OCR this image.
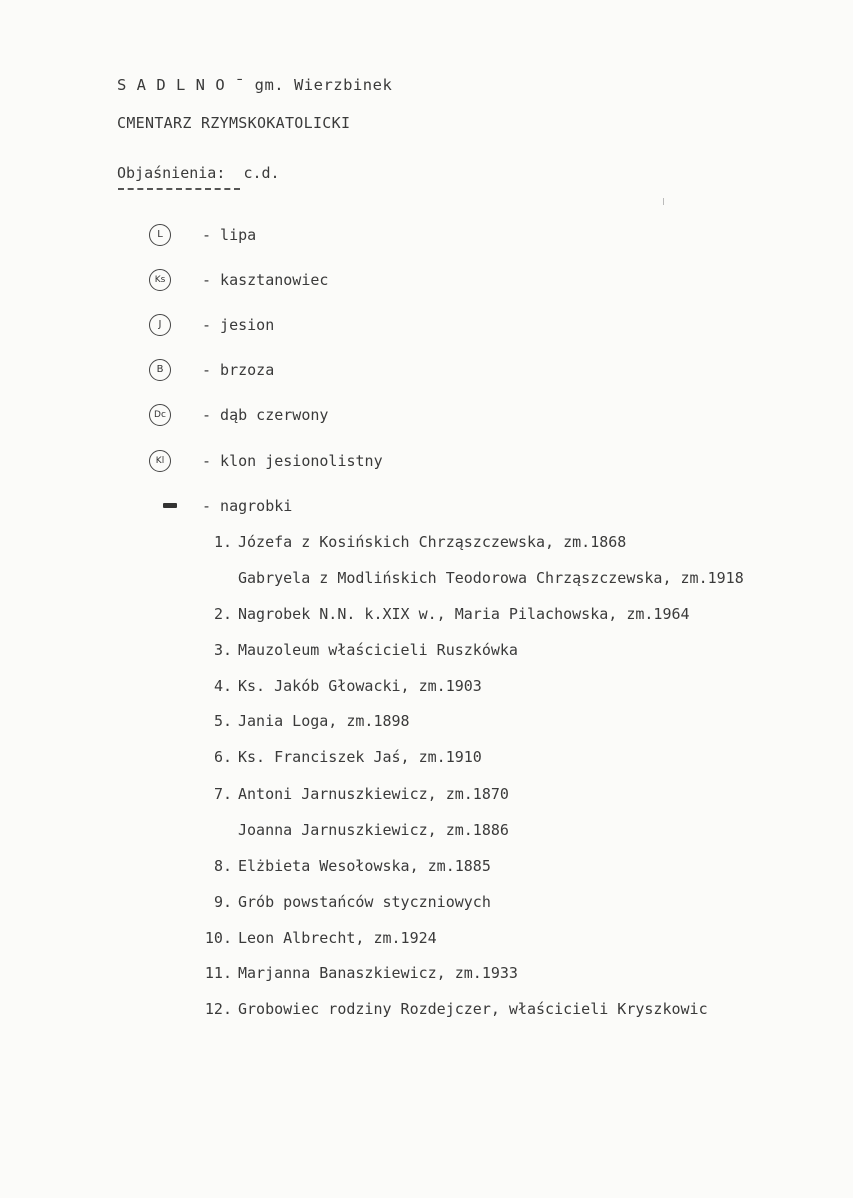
S A D L N O ˉ gm. Wierzbinek
CMENTARZ RZYMSKOKATOLICKI
Objaśnienia: c.d.
L	- lipa
Ks	- kasztanowiec
J	- jesion
B	- brzoza
Dc	- dąb czerwony
Kl	- klon jesionolistny
- nagrobki
1. Józefa z Kosińskich Chrząszczewska, zm.1868
Gabryela z Modlińskich Teodorowa Chrząszczewska, zm.1918
2. Nagrobek N.N. k.XIX w., Maria Pilachowska, zm.1964
3. Mauzoleum właścicieli Ruszkówka
4. Ks. Jakób Głowacki, zm.1903
5. Jania Loga, zm.1898
6. Ks. Franciszek Jaś, zm.1910
7. Antoni Jarnuszkiewicz, zm.1870
Joanna Jarnuszkiewicz, zm.1886
8. Elżbieta Wesołowska, zm.1885
9. Grób powstańców styczniowych
10. Leon Albrecht, zm.1924
11. Marjanna Banaszkiewicz, zm.1933
12. Grobowiec rodziny Rozdejczer, właścicieli Kryszkowic
